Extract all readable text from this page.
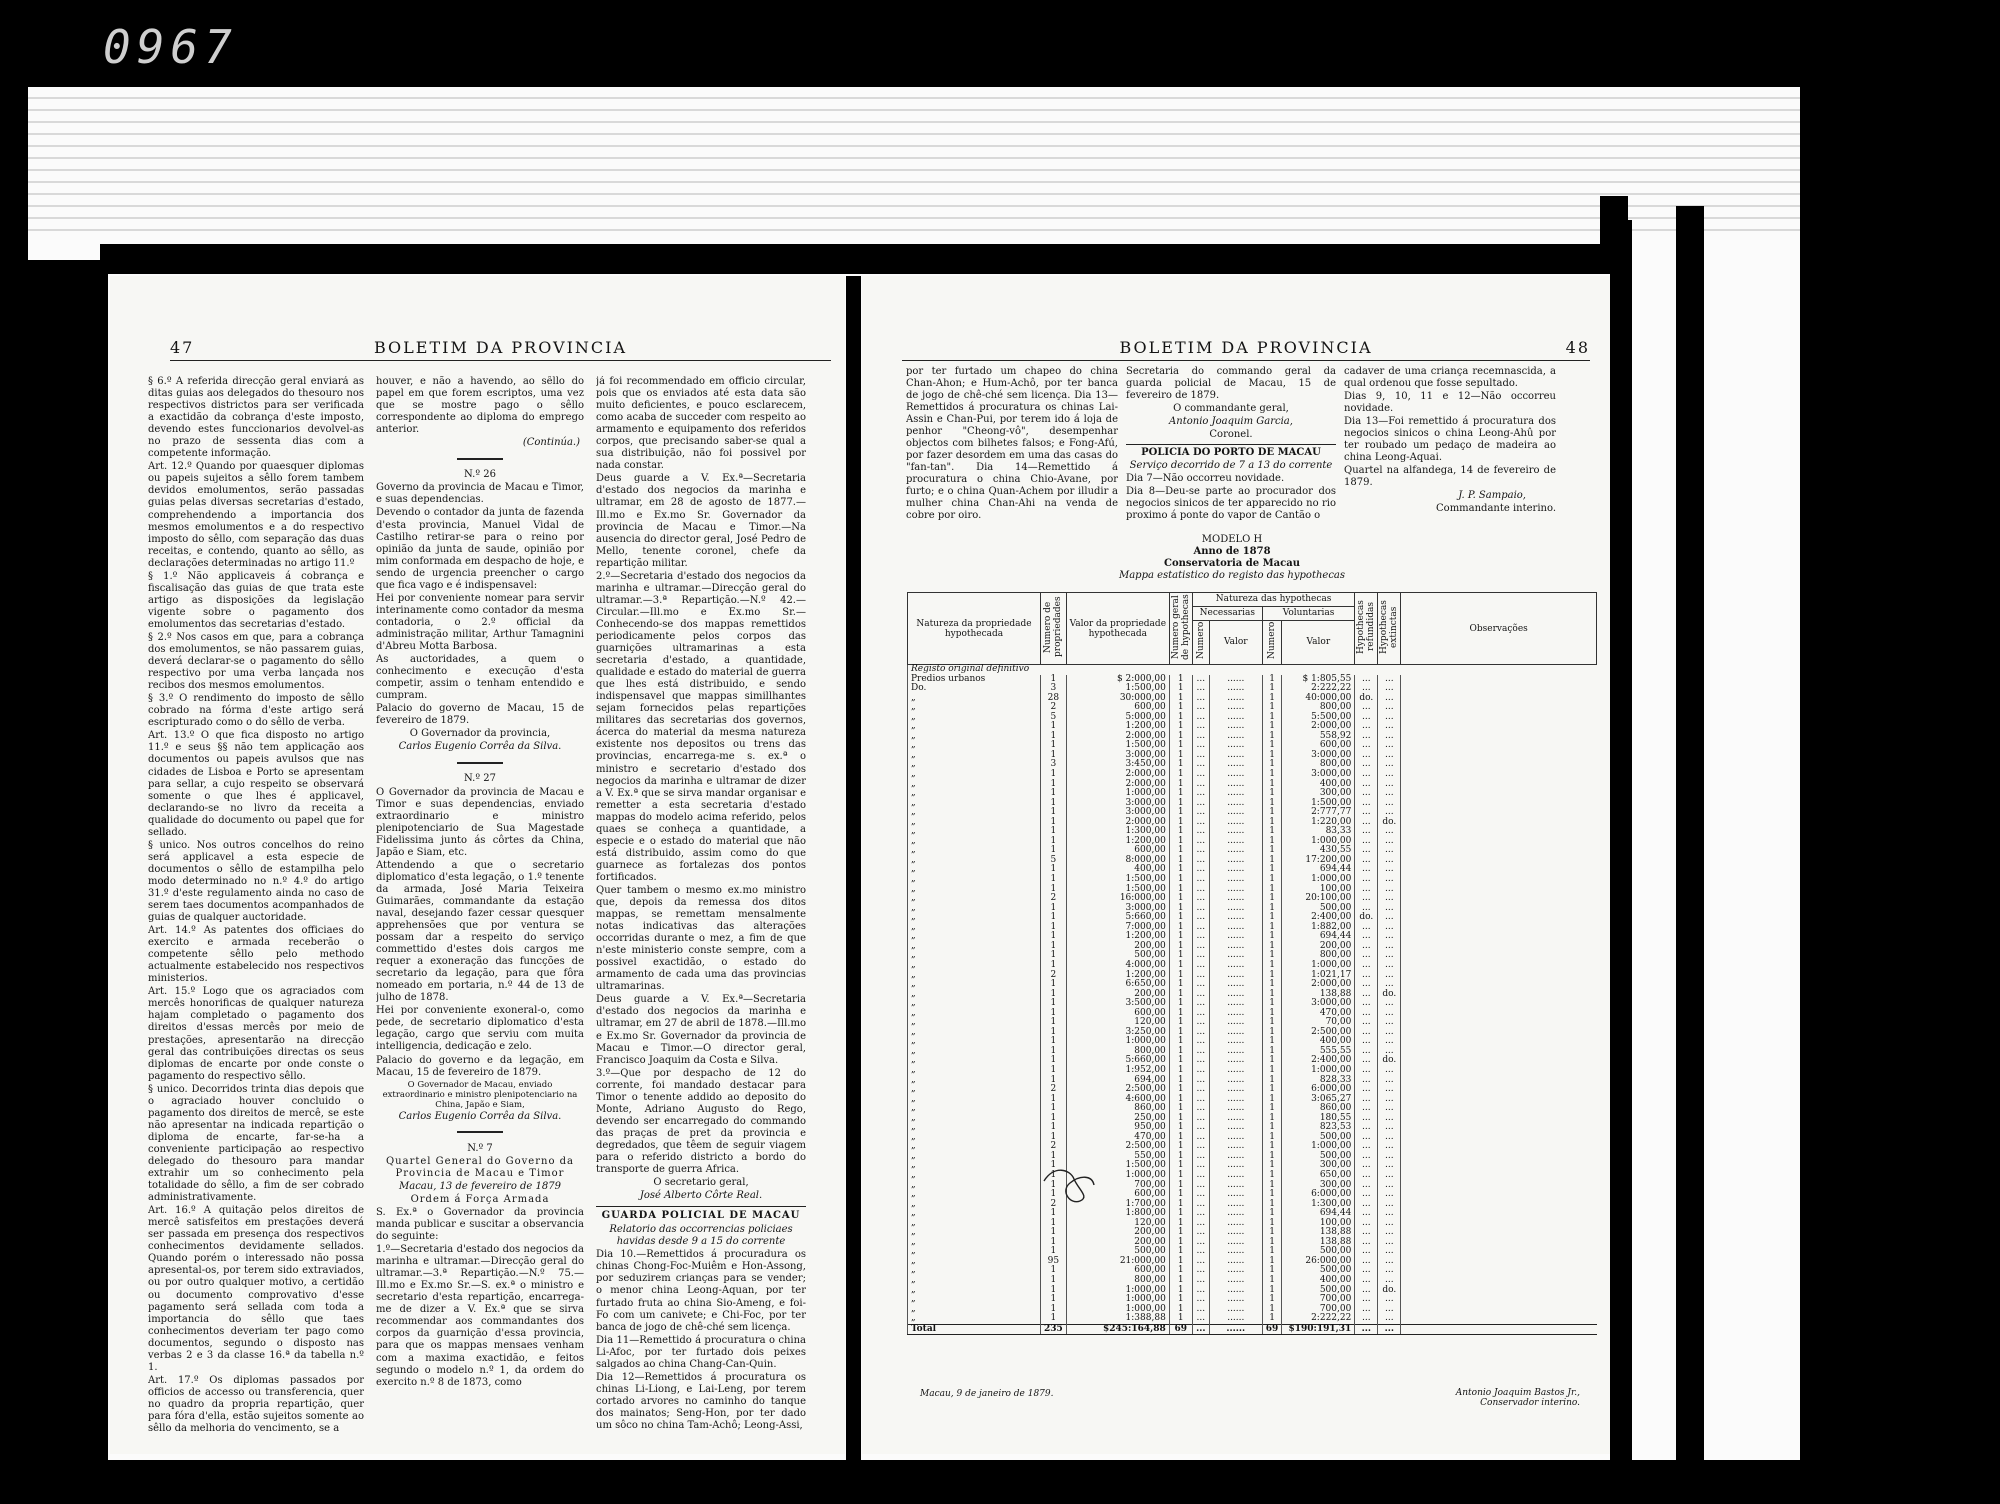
0967
47	BOLETIM DA PROVINCIA

§ 6.º A referida direcção geral enviará as ditas guias aos delegados do thesouro nos respectivos districtos para ser verificada a exactidão da cobrança d'este imposto, devendo estes funccionarios devolvel-as no prazo de sessenta dias com a competente informação.

Art. 12.º Quando por quaesquer diplomas ou papeis sujeitos a sêllo forem tambem devidos emolumentos, serão passadas guias pelas diversas secretarias d'estado, comprehendendo a importancia dos mesmos emolumentos e a do respectivo imposto do sêllo, com separação das duas receitas, e contendo, quanto ao sêllo, as declarações determinadas no artigo 11.º

§ 1.º Não applicaveis á cobrança e fiscalisação das guias de que trata este artigo as disposições da legislação vigente sobre o pagamento dos emolumentos das secretarias d'estado.

§ 2.º Nos casos em que, para a cobrança dos emolumentos, se não passarem guias, deverá declarar-se o pagamento do sêllo respectivo por uma verba lançada nos recibos dos mesmos emolumentos.

§ 3.º O rendimento do imposto de sêllo cobrado na fórma d'este artigo será escripturado como o do sêllo de verba.

Art. 13.º O que fica disposto no artigo 11.º e seus §§ não tem applicação aos documentos ou papeis avulsos que nas cidades de Lisboa e Porto se apresentam para sellar, a cujo respeito se observará somente o que lhes é applicavel, declarando-se no livro da receita a qualidade do documento ou papel que for sellado.

§ unico. Nos outros concelhos do reino será applicavel a esta especie de documentos o sêllo de estampilha pelo modo determinado no n.º 4.º do artigo 31.º d'este regulamento ainda no caso de serem taes documentos acompanhados de guias de qualquer auctoridade.

Art. 14.º As patentes dos officiaes do exercito e armada receberão o competente sêllo pelo methodo actualmente estabelecido nos respectivos ministerios.

Art. 15.º Logo que os agraciados com mercês honorificas de qualquer natureza hajam completado o pagamento dos direitos d'essas mercês por meio de prestações, apresentarão na direcção geral das contribuições directas os seus diplomas de encarte por onde conste o pagamento do respectivo sêllo.

§ unico. Decorridos trinta dias depois que o agraciado houver concluido o pagamento dos direitos de mercê, se este não apresentar na indicada repartição o diploma de encarte, far-se-ha a conveniente participação ao respectivo delegado do thesouro para mandar extrahir um so conhecimento pela totalidade do sêllo, a fim de ser cobrado administrativamente.

Art. 16.º A quitação pelos direitos de mercê satisfeitos em prestações deverá ser passada em presença dos respectivos conhecimentos devidamente sellados. Quando porém o interessado não possa apresental-os, por terem sido extraviados, ou por outro qualquer motivo, a certidão ou documento comprovativo d'esse pagamento será sellada com toda a importancia do sêllo que taes conhecimentos deveriam ter pago como documentos, segundo o disposto nas verbas 2 e 3 da classe 16.ª da tabella n.º 1.

Art. 17.º Os diplomas passados por officios de accesso ou transferencia, quer no quadro da propria repartição, quer para fóra d'ella, estão sujeitos somente ao sêllo da melhoria do vencimento, se a

houver, e não a havendo, ao sêllo do papel em que forem escriptos, uma vez que se mostre pago o sêllo correspondente ao diploma do emprego anterior.

(Continúa.)

N.º 26

Governo da provincia de Macau e Timor, e suas dependencias.

Devendo o contador da junta de fazenda d'esta provincia, Manuel Vidal de Castilho retirar-se para o reino por opinião da junta de saude, opinião por mim conformada em despacho de hoje, e sendo de urgencia preencher o cargo que fica vago e é indispensavel:

Hei por conveniente nomear para servir interinamente como contador da mesma contadoria, o 2.º official da administração militar, Arthur Tamagnini d'Abreu Motta Barbosa.

As auctoridades, a quem o conhecimento e execução d'esta competir, assim o tenham entendido e cumpram.

Palacio do governo de Macau, 15 de fevereiro de 1879.

O Governador da provincia,

Carlos Eugenio Corrêa da Silva.

N.º 27

O Governador da provincia de Macau e Timor e suas dependencias, enviado extraordinario e ministro plenipotenciario de Sua Magestade Fidelissima junto ás côrtes da China, Japão e Siam, etc.

Attendendo a que o secretario diplomatico d'esta legação, o 1.º tenente da armada, José Maria Teixeira Guimarães, commandante da estação naval, desejando fazer cessar quesquer apprehensões que por ventura se possam dar a respeito do serviço commettido d'estes dois cargos me requer a exoneração das funcções de secretario da legação, para que fôra nomeado em portaria, n.º 44 de 13 de julho de 1878.

Hei por conveniente exoneral-o, como pede, de secretario diplomatico d'esta legação, cargo que serviu com muita intelligencia, dedicação e zelo.

Palacio do governo e da legação, em Macau, 15 de fevereiro de 1879.

O Governador de Macau, enviado extraordinario e ministro plenipotenciario na China, Japão e Siam,

Carlos Eugenio Corrêa da Silva.

N.º 7

Quartel General do Governo da Provincia de Macau e Timor

Macau, 13 de fevereiro de 1879

Ordem á Força Armada

S. Ex.ª o Governador da provincia manda publicar e suscitar a observancia do seguinte:

1.º—Secretaria d'estado dos negocios da marinha e ultramar.—Direcção geral do ultramar.—3.ª Repartição.—N.º 75.—Ill.mo e Ex.mo Sr.—S. ex.ª o ministro e secretario d'esta repartição, encarrega-me de dizer a V. Ex.ª que se sirva recommendar aos commandantes dos corpos da guarnição d'essa provincia, para que os mappas mensaes venham com a maxima exactidão, e feitos segundo o modelo n.º 1, da ordem do exercito n.º 8 de 1873, como

já foi recommendado em officio circular, pois que os enviados até esta data são muito deficientes, e pouco esclarecem, como acaba de succeder com respeito ao armamento e equipamento dos referidos corpos, que precisando saber-se qual a sua distribuição, não foi possivel por nada constar.

Deus guarde a V. Ex.ª—Secretaria d'estado dos negocios da marinha e ultramar, em 28 de agosto de 1877.—Ill.mo e Ex.mo Sr. Governador da provincia de Macau e Timor.—Na ausencia do director geral, José Pedro de Mello, tenente coronel, chefe da repartição militar.

2.º—Secretaria d'estado dos negocios da marinha e ultramar.—Direcção geral do ultramar.—3.ª Repartição.—N.º 42.—Circular.—Ill.mo e Ex.mo Sr.—Conhecendo-se dos mappas remettidos periodicamente pelos corpos das guarnições ultramarinas a esta secretaria d'estado, a quantidade, qualidade e estado do material de guerra que lhes está distribuido, e sendo indispensavel que mappas simillhantes sejam fornecidos pelas repartições militares das secretarias dos governos, ácerca do material da mesma natureza existente nos depositos ou trens das provincias, encarrega-me s. ex.ª o ministro e secretario d'estado dos negocios da marinha e ultramar de dizer a V. Ex.ª que se sirva mandar organisar e remetter a esta secretaria d'estado mappas do modelo acima referido, pelos quaes se conheça a quantidade, a especie e o estado do material que não está distribuido, assim como do que guarnece as fortalezas dos pontos fortificados.

Quer tambem o mesmo ex.mo ministro que, depois da remessa dos ditos mappas, se remettam mensalmente notas indicativas das alterações occorridas durante o mez, a fim de que n'este ministerio conste sempre, com a possivel exactidão, o estado do armamento de cada uma das provincias ultramarinas.

Deus guarde a V. Ex.ª—Secretaria d'estado dos negocios da marinha e ultramar, em 27 de abril de 1878.—Ill.mo e Ex.mo Sr. Governador da provincia de Macau e Timor.—O director geral, Francisco Joaquim da Costa e Silva.

3.º—Que por despacho de 12 do corrente, foi mandado destacar para Timor o tenente addido ao deposito do Monte, Adriano Augusto do Rego, devendo ser encarregado do commando das praças de pret da provincia e degredados, que têem de seguir viagem para o referido districto a bordo do transporte de guerra Africa.

O secretario geral,

José Alberto Côrte Real.

GUARDA POLICIAL DE MACAU

Relatorio das occorrencias policiaes havidas desde 9 a 15 do corrente

Dia 10.—Remettidos á procuradura os chinas Chong-Foc-Muiêm e Hon-Assong, por seduzirem crianças para se vender; o menor china Leong-Aquan, por ter furtado fruta ao china Sio-Ameng, e foi-Fo com um canivete; e Chi-Foc, por ter banca de jogo de chê-ché sem licença.

Dia 11—Remettido á procuratura o china Li-Afoc, por ter furtado dois peixes salgados ao china Chang-Can-Quin.

Dia 12—Remettidos á procuratura os chinas Li-Liong, e Lai-Leng, por terem cortado arvores no caminho do tanque dos mainatos; Seng-Hon, por ter dado um sôco no china Tam-Achô; Leong-Assi,

BOLETIM DA PROVINCIA	48

por ter furtado um chapeo do china Chan-Ahon; e Hum-Achô, por ter banca de jogo de chê-ché sem licença. Dia 13—Remettidos á procuratura os chinas Lai-Assin e Chan-Pui, por terem ido á loja de penhor "Cheong-vô", desempenhar objectos com bilhetes falsos; e Fong-Afú, por fazer desordem em uma das casas do "fan-tan". Dia 14—Remettido á procuratura o china Chio-Avane, por furto; e o china Quan-Achem por illudir a mulher china Chan-Ahi na venda de cobre por oiro.

Secretaria do commando geral da guarda policial de Macau, 15 de fevereiro de 1879.

O commandante geral,

Antonio Joaquim Garcia,

Coronel.

POLICIA DO PORTO DE MACAU

Serviço decorrido de 7 a 13 do corrente

Dia 7—Não occorreu novidade.

Dia 8—Deu-se parte ao procurador dos negocios sinicos de ter apparecido no rio proximo á ponte do vapor de Cantão o

cadaver de uma criança recemnascida, a qual ordenou que fosse sepultado.

Dias 9, 10, 11 e 12—Não occorreu novidade.

Dia 13—Foi remettido á procuratura dos negocios sinicos o china Leong-Ahû por ter roubado um pedaço de madeira ao china Leong-Aquai.

Quartel na alfandega, 14 de fevereiro de 1879.

J. P. Sampaio,

Commandante interino.

MODELO H
Anno de 1878
Conservatoria de Macau
Mappa estatistico do registo das hypothecas
Natureza da propriedade hypothecada	Numero de propriedades	Valor da propriedade hypothecada	Numero geral de hypothecas	Natureza das hypothecas				Hypothecas refundidas	Hypothecas extinctas	Observações
				Necessarias		Voluntarias				
				Numero	Valor	Numero	Valor			
Registo original definitivo										
Predios urbanos	1	$ 2:000,00	1	...	......	1	$ 1:805,55	...	...	
Do.	3	1:500,00	1	...	......	1	2:222,22	...	...	
„	28	30:000,00	1	...	......	1	40:000,00	do.	...	
„	2	600,00	1	...	......	1	800,00	...	...	
„	5	5:000,00	1	...	......	1	5:500,00	...	...	
„	1	1:200,00	1	...	......	1	2:000,00	...	...	
„	1	2:000,00	1	...	......	1	558,92	...	...	
„	1	1:500,00	1	...	......	1	600,00	...	...	
„	1	3:000,00	1	...	......	1	3:000,00	...	...	
„	3	3:450,00	1	...	......	1	800,00	...	...	
„	1	2:000,00	1	...	......	1	3:000,00	...	...	
„	1	2:000,00	1	...	......	1	400,00	...	...	
„	1	1:000,00	1	...	......	1	300,00	...	...	
„	1	3:000,00	1	...	......	1	1:500,00	...	...	
„	1	3:000,00	1	...	......	1	2:777,77	...	...	
„	1	2:000,00	1	...	......	1	1:220,00	...	do.	
„	1	1:300,00	1	...	......	1	83,33	...	...	
„	1	1:200,00	1	...	......	1	1:000,00	...	...	
„	1	600,00	1	...	......	1	430,55	...	...	
„	5	8:000,00	1	...	......	1	17:200,00	...	...	
„	1	400,00	1	...	......	1	694,44	...	...	
„	1	1:500,00	1	...	......	1	1:000,00	...	...	
„	1	1:500,00	1	...	......	1	100,00	...	...	
„	2	16:000,00	1	...	......	1	20:100,00	...	...	
„	1	3:000,00	1	...	......	1	500,00	...	...	
„	1	5:660,00	1	...	......	1	2:400,00	do.	...	
„	1	7:000,00	1	...	......	1	1:882,00	...	...	
„	1	1:200,00	1	...	......	1	694,44	...	...	
„	1	200,00	1	...	......	1	200,00	...	...	
„	1	500,00	1	...	......	1	800,00	...	...	
„	1	4:000,00	1	...	......	1	1:000,00	...	...	
„	2	1:200,00	1	...	......	1	1:021,17	...	...	
„	1	6:650,00	1	...	......	1	2:000,00	...	...	
„	1	200,00	1	...	......	1	138,88	...	do.	
„	1	3:500,00	1	...	......	1	3:000,00	...	...	
„	1	600,00	1	...	......	1	470,00	...	...	
„	1	120,00	1	...	......	1	70,00	...	...	
„	1	3:250,00	1	...	......	1	2:500,00	...	...	
„	1	1:000,00	1	...	......	1	400,00	...	...	
„	1	800,00	1	...	......	1	555,55	...	...	
„	1	5:660,00	1	...	......	1	2:400,00	...	do.	
„	1	1:952,00	1	...	......	1	1:000,00	...	...	
„	1	694,00	1	...	......	1	828,33	...	...	
„	2	2:500,00	1	...	......	1	6:000,00	...	...	
„	1	4:600,00	1	...	......	1	3:065,27	...	...	
„	1	860,00	1	...	......	1	860,00	...	...	
„	1	250,00	1	...	......	1	180,55	...	...	
„	1	950,00	1	...	......	1	823,53	...	...	
„	1	470,00	1	...	......	1	500,00	...	...	
„	2	2:500,00	1	...	......	1	1:000,00	...	...	
„	1	550,00	1	...	......	1	500,00	...	...	
„	1	1:500,00	1	...	......	1	300,00	...	...	
„	1	1:000,00	1	...	......	1	650,00	...	...	
„	1	700,00	1	...	......	1	300,00	...	...	
„	1	600,00	1	...	......	1	6:000,00	...	...	
„	2	1:700,00	1	...	......	1	1:300,00	...	...	
„	1	1:800,00	1	...	......	1	694,44	...	...	
„	1	120,00	1	...	......	1	100,00	...	...	
„	1	200,00	1	...	......	1	138,88	...	...	
„	1	200,00	1	...	......	1	138,88	...	...	
„	1	500,00	1	...	......	1	500,00	...	...	
„	95	21:000,00	1	...	......	1	26:000,00	...	...	
„	1	600,00	1	...	......	1	500,00	...	...	
„	1	800,00	1	...	......	1	400,00	...	...	
„	1	1:000,00	1	...	......	1	500,00	...	do.	
„	1	1:000,00	1	...	......	1	700,00	...	...	
„	1	1:000,00	1	...	......	1	700,00	...	...	
„	1	1:388,88	1	...	......	1	2:222,22	...	...	
Total	235	$245:164,88	69	...	......	69	$190:191,31	...	...	
Macau, 9 de janeiro de 1879.	Antonio Joaquim Bastos Jr.,
Conservador interino.
